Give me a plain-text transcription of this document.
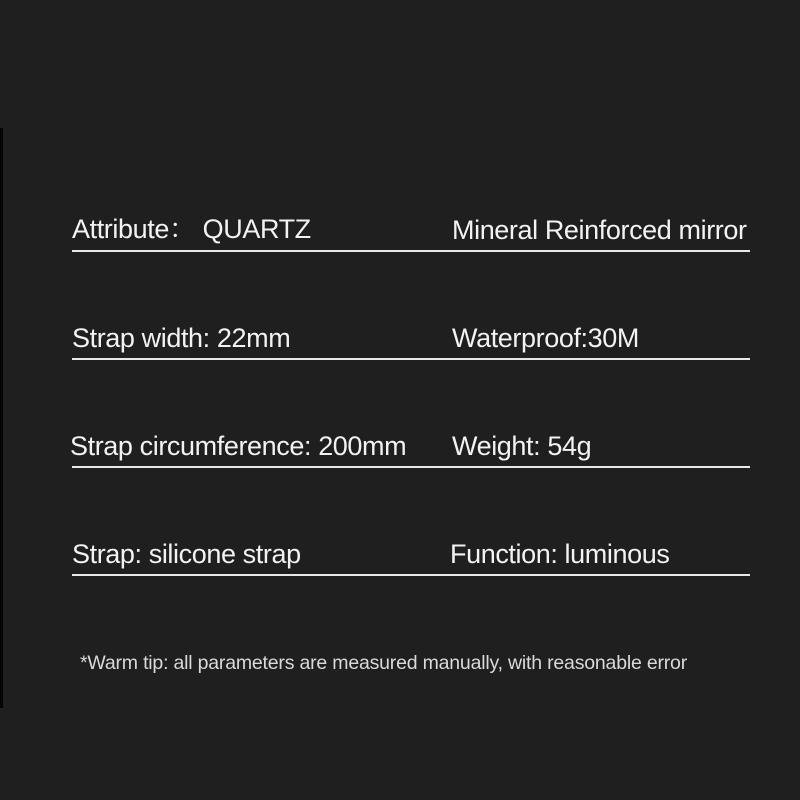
Attribute： QUARTZ	Mineral Reinforced mirror
Strap width: 22mm	Waterproof:30M
Strap circumference: 200mm Weight: 54g
Strap: silicone strap	Function: luminous
*Warm tip: all parameters are measured manually, with reasonable error
